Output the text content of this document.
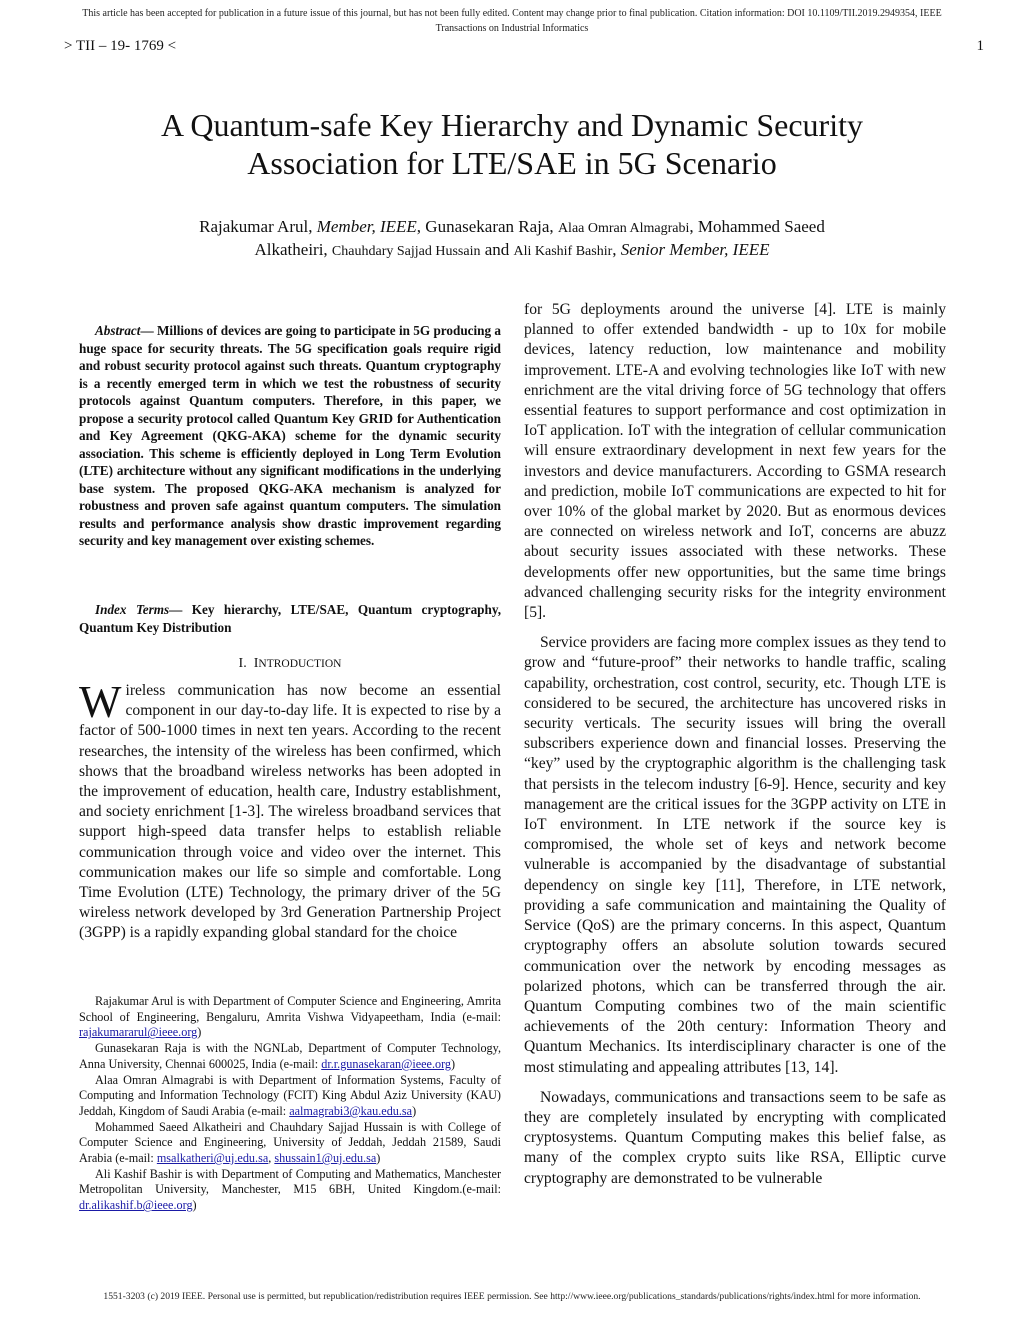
This article has been accepted for publication in a future issue of this journal, but has not been fully edited. Content may change prior to final publication. Citation information: DOI 10.1109/TII.2019.2949354, IEEE
Transactions on Industrial Informatics
> TII – 19- 1769 <	1
A Quantum-safe Key Hierarchy and Dynamic Security
Association for LTE/SAE in 5G Scenario
Rajakumar Arul, Member, IEEE, Gunasekaran Raja, Alaa Omran Almagrabi, Mohammed Saeed
Alkatheiri, Chauhdary Sajjad Hussain and Ali Kashif Bashir, Senior Member, IEEE

Abstract— Millions of devices are going to participate in 5G producing a huge space for security threats. The 5G specification goals require rigid and robust security protocol against such threats. Quantum cryptography is a recently emerged term in which we test the robustness of security protocols against Quantum computers. Therefore, in this paper, we propose a security protocol called Quantum Key GRID for Authentication and Key Agreement (QKG-AKA) scheme for the dynamic security association. This scheme is efficiently deployed in Long Term Evolution (LTE) architecture without any significant modifications in the underlying base system. The proposed QKG-AKA mechanism is analyzed for robustness and proven safe against quantum computers. The simulation results and performance analysis show drastic improvement regarding security and key management over existing schemes.

Index Terms— Key hierarchy, LTE/SAE, Quantum cryptography, Quantum Key Distribution

I. INTRODUCTION

Wireless communication has now become an essential component in our day-to-day life. It is expected to rise by a factor of 500-1000 times in next ten years. According to the recent researches, the intensity of the wireless has been confirmed, which shows that the broadband wireless networks has been adopted in the improvement of education, health care, Industry establishment, and society enrichment [1-3]. The wireless broadband services that support high-speed data transfer helps to establish reliable communication through voice and video over the internet. This communication makes our life so simple and comfortable. Long Time Evolution (LTE) Technology, the primary driver of the 5G wireless network developed by 3rd Generation Partnership Project (3GPP) is a rapidly expanding global standard for the choice

Rajakumar Arul is with Department of Computer Science and Engineering, Amrita School of Engineering, Bengaluru, Amrita Vishwa Vidyapeetham, India (e-mail: rajakumararul@ieee.org)

Gunasekaran Raja is with the NGNLab, Department of Computer Technology, Anna University, Chennai 600025, India (e-mail: dr.r.gunasekaran@ieee.org)

Alaa Omran Almagrabi is with Department of Information Systems, Faculty of Computing and Information Technology (FCIT) King Abdul Aziz University (KAU) Jeddah, Kingdom of Saudi Arabia (e-mail: aalmagrabi3@kau.edu.sa)

Mohammed Saeed Alkatheiri and Chauhdary Sajjad Hussain is with College of Computer Science and Engineering, University of Jeddah, Jeddah 21589, Saudi Arabia (e-mail: msalkatheri@uj.edu.sa, shussain1@uj.edu.sa)

Ali Kashif Bashir is with Department of Computing and Mathematics, Manchester Metropolitan University, Manchester, M15 6BH, United Kingdom.(e-mail: dr.alikashif.b@ieee.org)

for 5G deployments around the universe [4]. LTE is mainly planned to offer extended bandwidth - up to 10x for mobile devices, latency reduction, low maintenance and mobility improvement. LTE-A and evolving technologies like IoT with new enrichment are the vital driving force of 5G technology that offers essential features to support performance and cost optimization in IoT application. IoT with the integration of cellular communication will ensure extraordinary development in next few years for the investors and device manufacturers. According to GSMA research and prediction, mobile IoT communications are expected to hit for over 10% of the global market by 2020. But as enormous devices are connected on wireless network and IoT, concerns are abuzz about security issues associated with these networks. These developments offer new opportunities, but the same time brings advanced challenging security risks for the integrity environment [5].

Service providers are facing more complex issues as they tend to grow and “future-proof” their networks to handle traffic, scaling capability, orchestration, cost control, security, etc. Though LTE is considered to be secured, the architecture has uncovered risks in security verticals. The security issues will bring the overall subscribers experience down and financial losses. Preserving the “key” used by the cryptographic algorithm is the challenging task that persists in the telecom industry [6-9]. Hence, security and key management are the critical issues for the 3GPP activity on LTE in IoT environment. In LTE network if the source key is compromised, the whole set of keys and network become vulnerable is accompanied by the disadvantage of substantial dependency on single key [11], Therefore, in LTE network, providing a safe communication and maintaining the Quality of Service (QoS) are the primary concerns. In this aspect, Quantum cryptography offers an absolute solution towards secured communication over the network by encoding messages as polarized photons, which can be transferred through the air. Quantum Computing combines two of the main scientific achievements of the 20th century: Information Theory and Quantum Mechanics. Its interdisciplinary character is one of the most stimulating and appealing attributes [13, 14].

Nowadays, communications and transactions seem to be safe as they are completely insulated by encrypting with complicated cryptosystems. Quantum Computing makes this belief false, as many of the complex crypto suits like RSA, Elliptic curve cryptography are demonstrated to be vulnerable

1551-3203 (c) 2019 IEEE. Personal use is permitted, but republication/redistribution requires IEEE permission. See http://www.ieee.org/publications_standards/publications/rights/index.html for more information.
